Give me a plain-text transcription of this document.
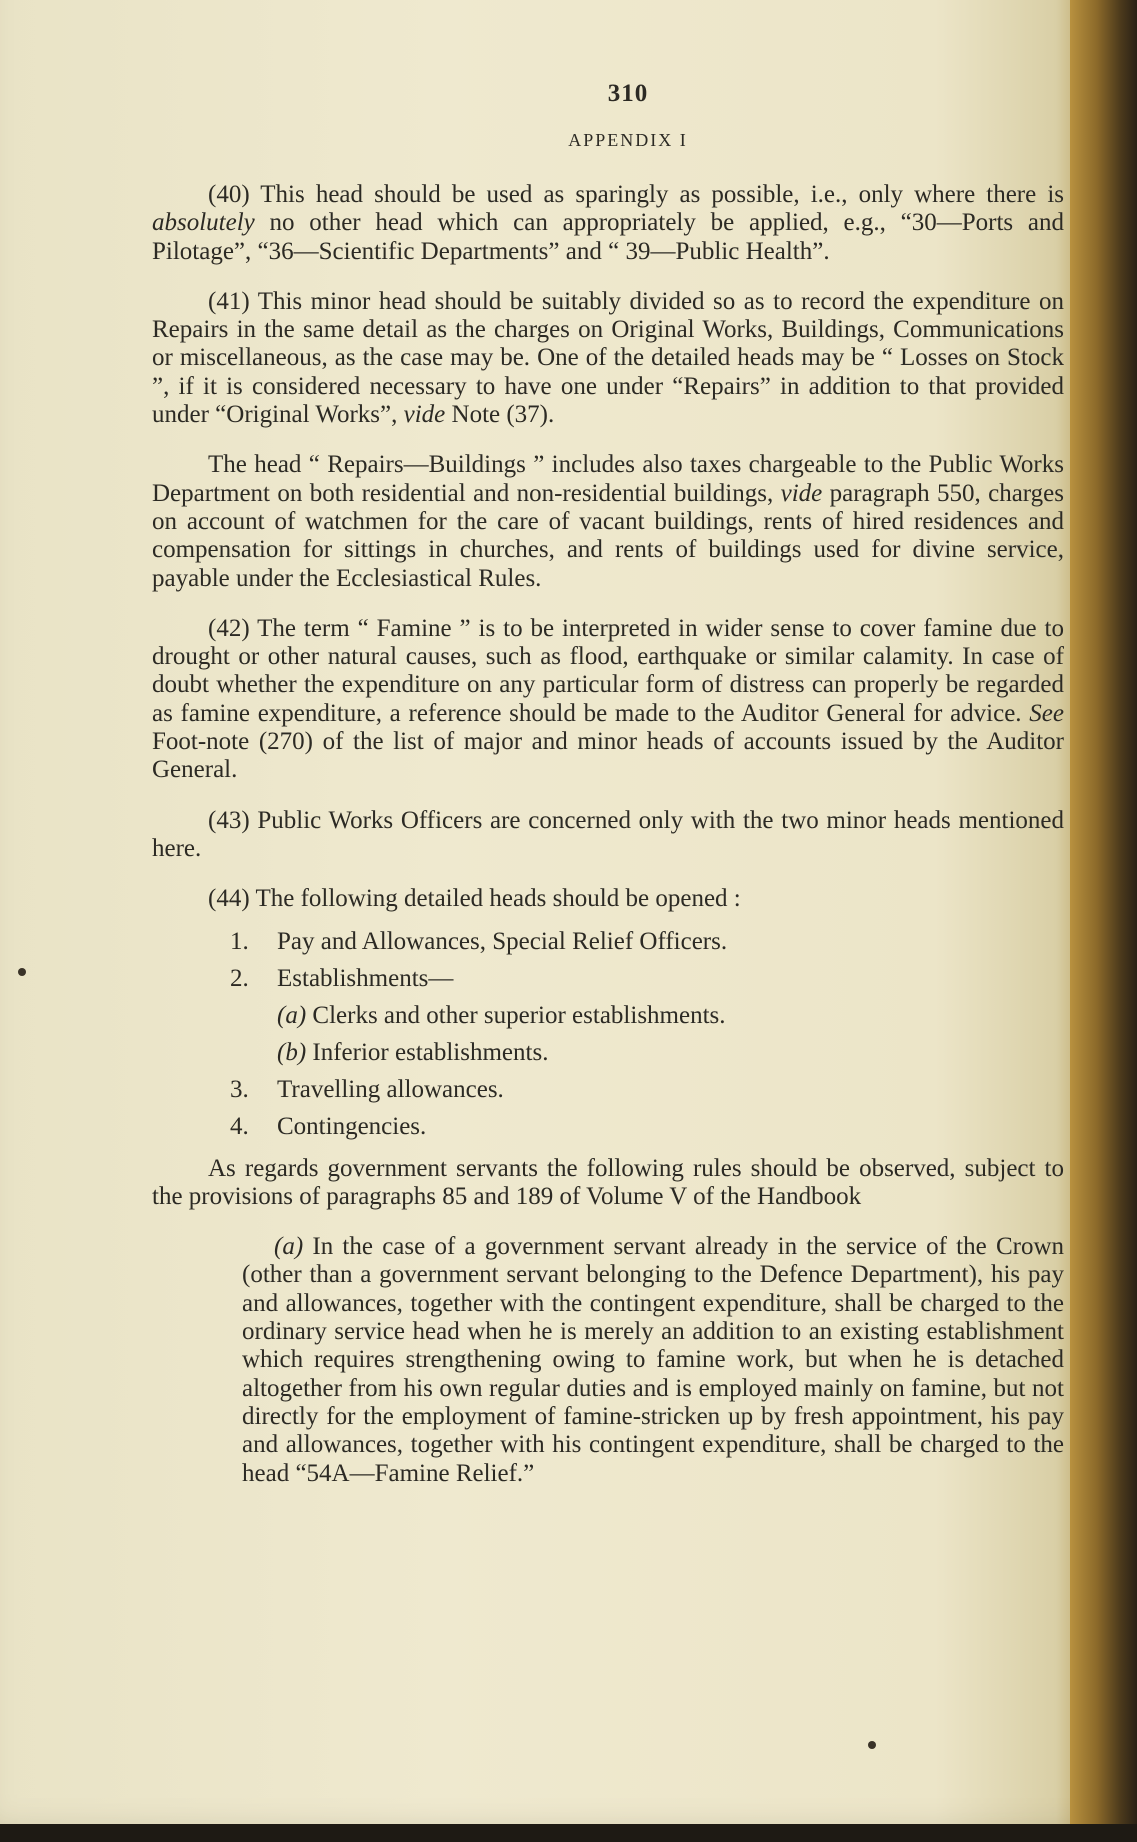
310
APPENDIX I

(40) This head should be used as sparingly as possible, i.e., only where there is absolutely no other head which can appropriately be applied, e.g., “30—Ports and Pilotage”, “36—Scientific Departments” and “ 39—Public Health”.

(41) This minor head should be suitably divided so as to record the expenditure on Repairs in the same detail as the charges on Original Works, Buildings, Communications or miscellaneous, as the case may be. One of the detailed heads may be “ Losses on Stock ”, if it is considered necessary to have one under “Repairs” in addition to that provided under “Original Works”, vide Note (37).

The head “ Repairs—Buildings ” includes also taxes chargeable to the Public Works Department on both residential and non-residential buildings, vide paragraph 550, charges on account of watchmen for the care of vacant buildings, rents of hired residences and compensation for sittings in churches, and rents of buildings used for divine service, payable under the Ecclesiastical Rules.

(42) The term “ Famine ” is to be interpreted in wider sense to cover famine due to drought or other natural causes, such as flood, earthquake or similar calamity. In case of doubt whether the expenditure on any particular form of distress can properly be regarded as famine expenditure, a reference should be made to the Auditor General for advice. See Foot-note (270) of the list of major and minor heads of accounts issued by the Auditor General.

(43) Public Works Officers are concerned only with the two minor heads mentioned here.

(44) The following detailed heads should be opened :

1. Pay and Allowances, Special Relief Officers.
2. Establishments—
(a) Clerks and other superior establishments.
(b) Inferior establishments.
3. Travelling allowances.
4. Contingencies.

As regards government servants the following rules should be observed, subject to the provisions of paragraphs 85 and 189 of Volume V of the Handbook

(a) In the case of a government servant already in the service of the Crown (other than a government servant belonging to the Defence Department), his pay and allowances, together with the contingent expenditure, shall be charged to the ordinary service head when he is merely an addition to an existing establishment which requires strengthening owing to famine work, but when he is detached altogether from his own regular duties and is employed mainly on famine, but not directly for the employment of famine-stricken up by fresh appointment, his pay and allowances, together with his contingent expenditure, shall be charged to the head “54A—Famine Relief.”
